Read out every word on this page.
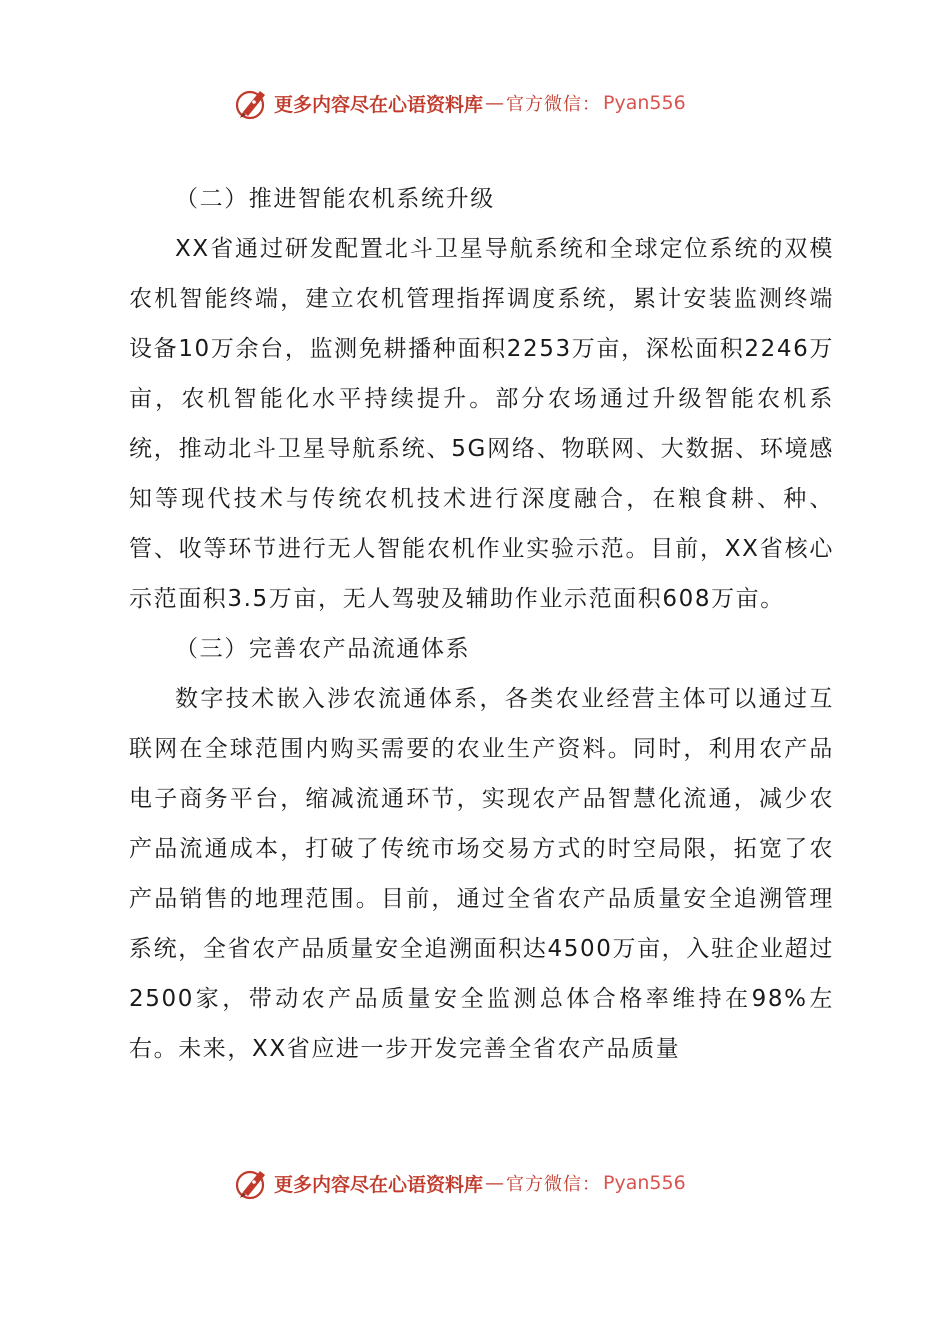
更多内容尽在心语资料库 — 官方微信： Pyan556

（二）推进智能农机系统升级

XX省通过研发配置北斗卫星导航系统和全球定位系统的双模农机智能终端，建立农机管理指挥调度系统，累计安装监测终端设备10万余台，监测免耕播种面积2253万亩，深松面积2246万亩，农机智能化水平持续提升。部分农场通过升级智能农机系统，推动北斗卫星导航系统、5G网络、物联网、大数据、环境感知等现代技术与传统农机技术进行深度融合，在粮食耕、种、管、收等环节进行无人智能农机作业实验示范。目前，XX省核心示范面积3.5万亩，无人驾驶及辅助作业示范面积608万亩。

（三）完善农产品流通体系

数字技术嵌入涉农流通体系，各类农业经营主体可以通过互联网在全球范围内购买需要的农业生产资料。同时，利用农产品电子商务平台，缩减流通环节，实现农产品智慧化流通，减少农产品流通成本，打破了传统市场交易方式的时空局限，拓宽了农产品销售的地理范围。目前，通过全省农产品质量安全追溯管理系统，全省农产品质量安全追溯面积达4500万亩，入驻企业超过2500家，带动农产品质量安全监测总体合格率维持在98%左右。未来，XX省应进一步开发完善全省农产品质量

更多内容尽在心语资料库 — 官方微信： Pyan556
